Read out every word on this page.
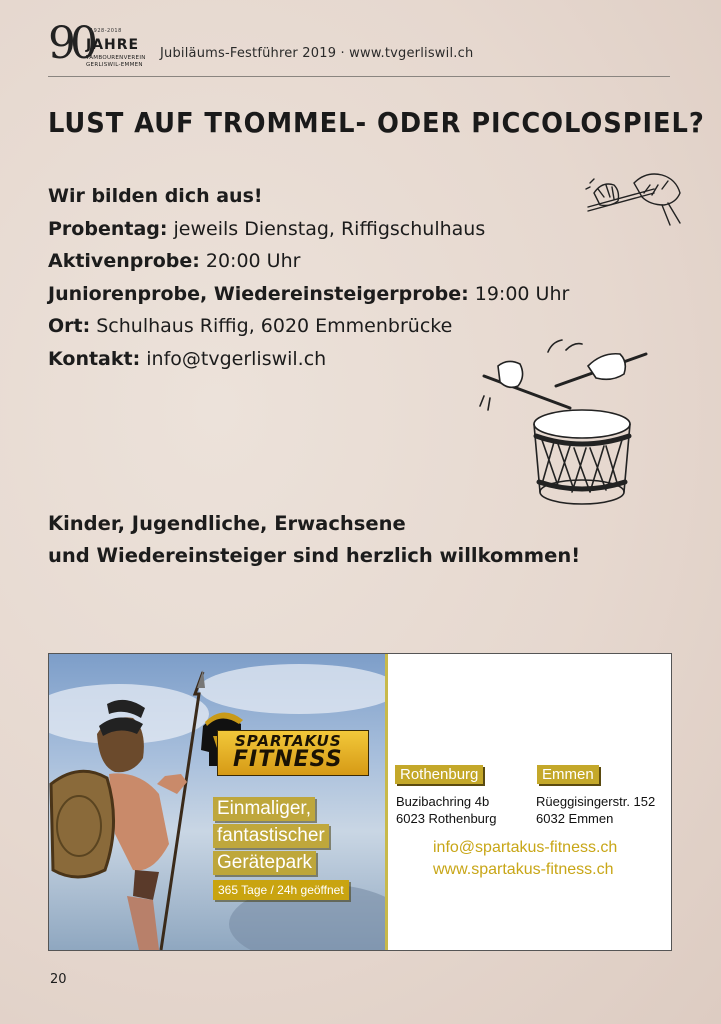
90
1928-2018
JAHRE
TAMBOURENVEREIN
GERLISWIL-EMMEN
Jubiläums-Festführer 2019 · www.tvgerliswil.ch
LUST AUF TROMMEL- ODER PICCOLOSPIEL?
Wir bilden dich aus!
Probentag: jeweils Dienstag, Riffigschulhaus
Aktivenprobe: 20:00 Uhr
Juniorenprobe, Wiedereinsteigerprobe: 19:00 Uhr
Ort: Schulhaus Riffig, 6020 Emmenbrücke
Kontakt: info@tvgerliswil.ch
Kinder, Jugendliche, Erwachsene
und Wiedereinsteiger sind herzlich willkommen!
SPARTAKUS
FITNESS
Einmaliger,
fantastischer
Gerätepark
365 Tage / 24h geöffnet
Rothenburg
Buzibachring 4b
6023 Rothenburg
Emmen
Rüeggisingerstr. 152
6032 Emmen
info@spartakus-fitness.ch
www.spartakus-fitness.ch
20
